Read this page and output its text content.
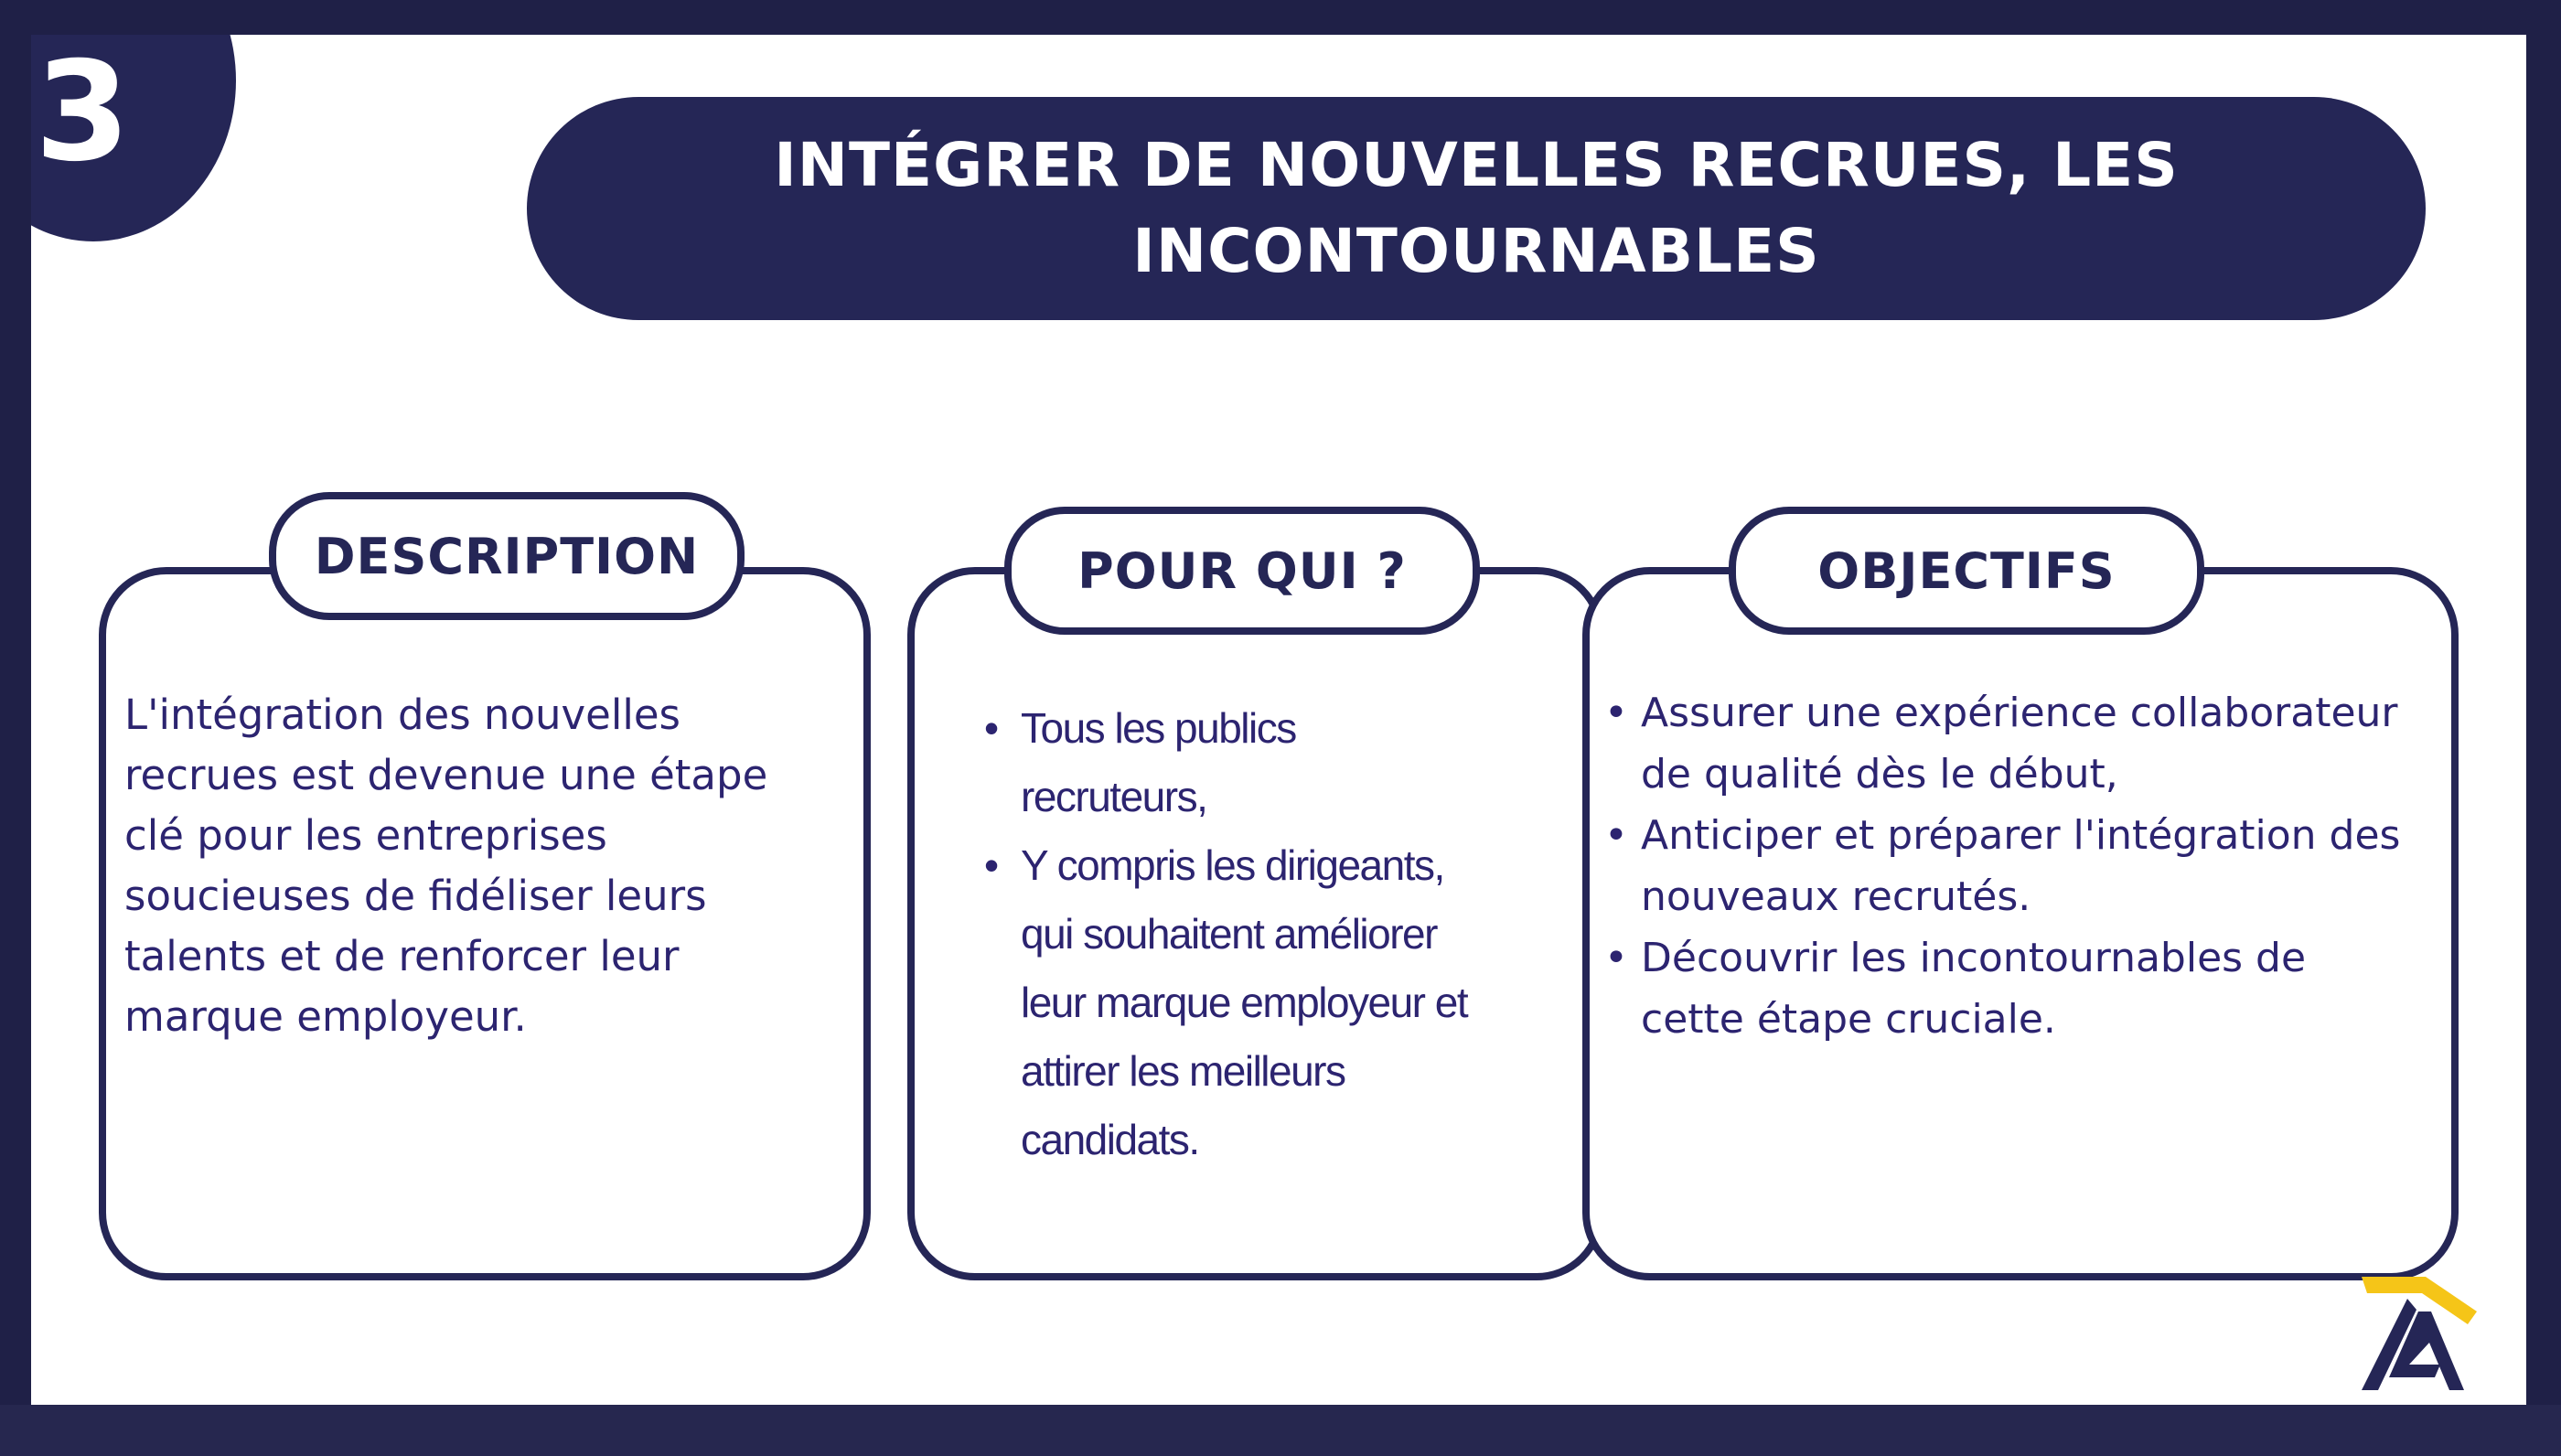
3	INTÉGRER DE NOUVELLES RECRUES, LES
INCONTOURNABLES
DESCRIPTION
L'intégration des nouvelles
recrues est devenue une étape
clé pour les entreprises
soucieuses de fidéliser leurs
talents et de renforcer leur
marque employeur.
POUR QUI ?
• Tous les publics
recruteurs,
• Y compris les dirigeants,
qui souhaitent améliorer
leur marque employeur et
attirer les meilleurs
candidats.
OBJECTIFS
• Assurer une expérience collaborateur
de qualité dès le début,
• Anticiper et préparer l'intégration des
nouveaux recrutés.
• Découvrir les incontournables de
cette étape cruciale.
